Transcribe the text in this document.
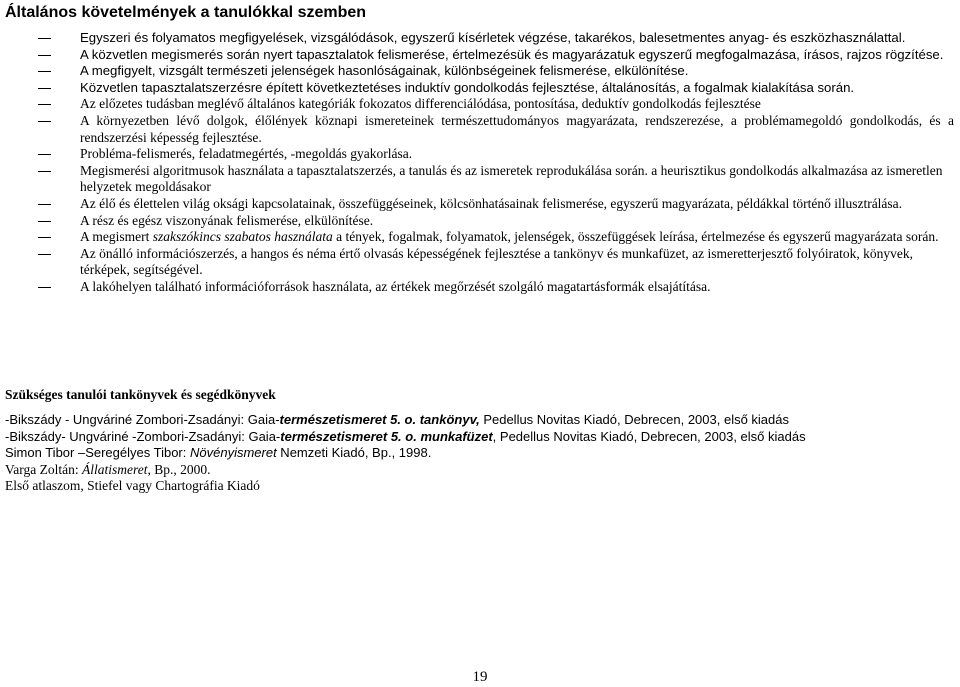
Általános követelmények a tanulókkal szemben
Egyszeri és folyamatos megfigyelések, vizsgálódások, egyszerű kísérletek végzése, takarékos, balesetmentes anyag- és eszközhasználattal.
A közvetlen megismerés során nyert tapasztalatok felismerése, értelmezésük és magyarázatuk egyszerű megfogalmazása, írásos, rajzos rögzítése.
A megfigyelt, vizsgált természeti jelenségek hasonlóságainak, különbségeinek felismerése, elkülönítése.
Közvetlen tapasztalatszerzésre épített következtetéses induktív gondolkodás fejlesztése, általánosítás, a fogalmak kialakítása során.
Az előzetes tudásban meglévő általános kategóriák fokozatos differenciálódása, pontosítása, deduktív gondolkodás fejlesztése
A környezetben lévő dolgok, élőlények köznapi ismereteinek természettudományos magyarázata, rendszerezése, a problémamegoldó gondolkodás, és a rendszerzési képesség fejlesztése.
Probléma-felismerés, feladatmegértés, -megoldás gyakorlása.
Megismerési algoritmusok használata a tapasztalatszerzés, a tanulás és az ismeretek reprodukálása során. a heurisztikus gondolkodás alkalmazása az ismeretlen helyzetek megoldásakor
Az élő és élettelen világ oksági kapcsolatainak, összefüggéseinek, kölcsönhatásainak felismerése, egyszerű magyarázata, példákkal történő illusztrálása.
A rész és egész viszonyának felismerése, elkülönítése.
A megismert szakszókincs szabatos használata a tények, fogalmak, folyamatok, jelenségek, összefüggések leírása, értelmezése és egyszerű magyarázata során.
Az önálló információszerzés, a hangos és néma értő olvasás képességének fejlesztése a tankönyv és munkafüzet, az ismeretterjesztő folyóiratok, könyvek, térképek, segítségével.
A lakóhelyen található információforrások használata, az értékek megőrzését szolgáló magatartásformák elsajátítása.
Szükséges tanulói tankönyvek és segédkönyvek
-Bikszády - Ungváriné Zombori-Zsadányi: Gaia-természetismeret 5. o. tankönyv, Pedellus Novitas Kiadó, Debrecen, 2003, első kiadás
-Bikszády- Ungváriné -Zombori-Zsadányi: Gaia-természetismeret 5. o. munkafüzet, Pedellus Novitas Kiadó, Debrecen, 2003, első kiadás
Simon Tibor –Seregélyes Tibor: Növényismeret Nemzeti Kiadó, Bp., 1998.
Varga Zoltán: Állatismeret, Bp., 2000.
Első atlaszom, Stiefel vagy Chartográfia Kiadó
19
